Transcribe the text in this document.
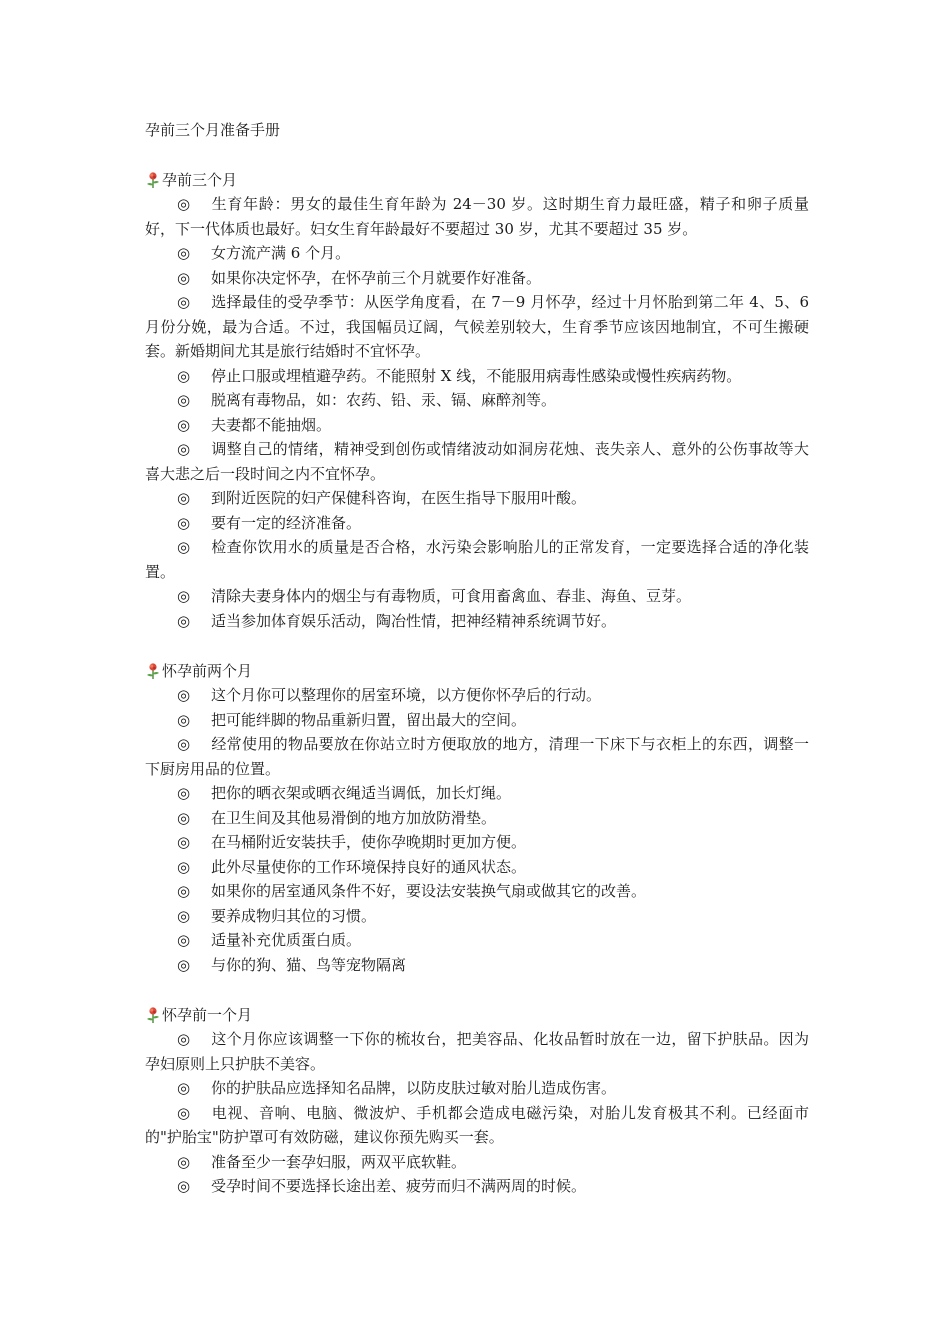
孕前三个月准备手册

孕前三个月

◎ 生育年龄：男女的最佳生育年龄为 24－30 岁。这时期生育力最旺盛，精子和卵子质量好，下一代体质也最好。妇女生育年龄最好不要超过 30 岁，尤其不要超过 35 岁。

◎ 女方流产满 6 个月。

◎ 如果你决定怀孕，在怀孕前三个月就要作好准备。

◎ 选择最佳的受孕季节：从医学角度看，在 7－9 月怀孕，经过十月怀胎到第二年 4、5、6 月份分娩，最为合适。不过，我国幅员辽阔，气候差别较大，生育季节应该因地制宜，不可生搬硬套。新婚期间尤其是旅行结婚时不宜怀孕。

◎ 停止口服或埋植避孕药。不能照射 X 线，不能服用病毒性感染或慢性疾病药物。

◎ 脱离有毒物品，如：农药、铅、汞、镉、麻醉剂等。

◎ 夫妻都不能抽烟。

◎ 调整自己的情绪，精神受到创伤或情绪波动如洞房花烛、丧失亲人、意外的公伤事故等大喜大悲之后一段时间之内不宜怀孕。

◎ 到附近医院的妇产保健科咨询，在医生指导下服用叶酸。

◎ 要有一定的经济准备。

◎ 检查你饮用水的质量是否合格，水污染会影响胎儿的正常发育，一定要选择合适的净化装置。

◎ 清除夫妻身体内的烟尘与有毒物质，可食用畜禽血、春韭、海鱼、豆芽。

◎ 适当参加体育娱乐活动，陶冶性情，把神经精神系统调节好。

怀孕前两个月

◎ 这个月你可以整理你的居室环境，以方便你怀孕后的行动。

◎ 把可能绊脚的物品重新归置，留出最大的空间。

◎ 经常使用的物品要放在你站立时方便取放的地方，清理一下床下与衣柜上的东西，调整一下厨房用品的位置。

◎ 把你的晒衣架或晒衣绳适当调低，加长灯绳。

◎ 在卫生间及其他易滑倒的地方加放防滑垫。

◎ 在马桶附近安装扶手，使你孕晚期时更加方便。

◎ 此外尽量使你的工作环境保持良好的通风状态。

◎ 如果你的居室通风条件不好，要设法安装换气扇或做其它的改善。

◎ 要养成物归其位的习惯。

◎ 适量补充优质蛋白质。

◎ 与你的狗、猫、鸟等宠物隔离

怀孕前一个月

◎ 这个月你应该调整一下你的梳妆台，把美容品、化妆品暂时放在一边，留下护肤品。因为孕妇原则上只护肤不美容。

◎ 你的护肤品应选择知名品牌，以防皮肤过敏对胎儿造成伤害。

◎ 电视、音响、电脑、微波炉、手机都会造成电磁污染，对胎儿发育极其不利。已经面市的"护胎宝"防护罩可有效防磁，建议你预先购买一套。

◎ 准备至少一套孕妇服，两双平底软鞋。

◎ 受孕时间不要选择长途出差、疲劳而归不满两周的时候。
